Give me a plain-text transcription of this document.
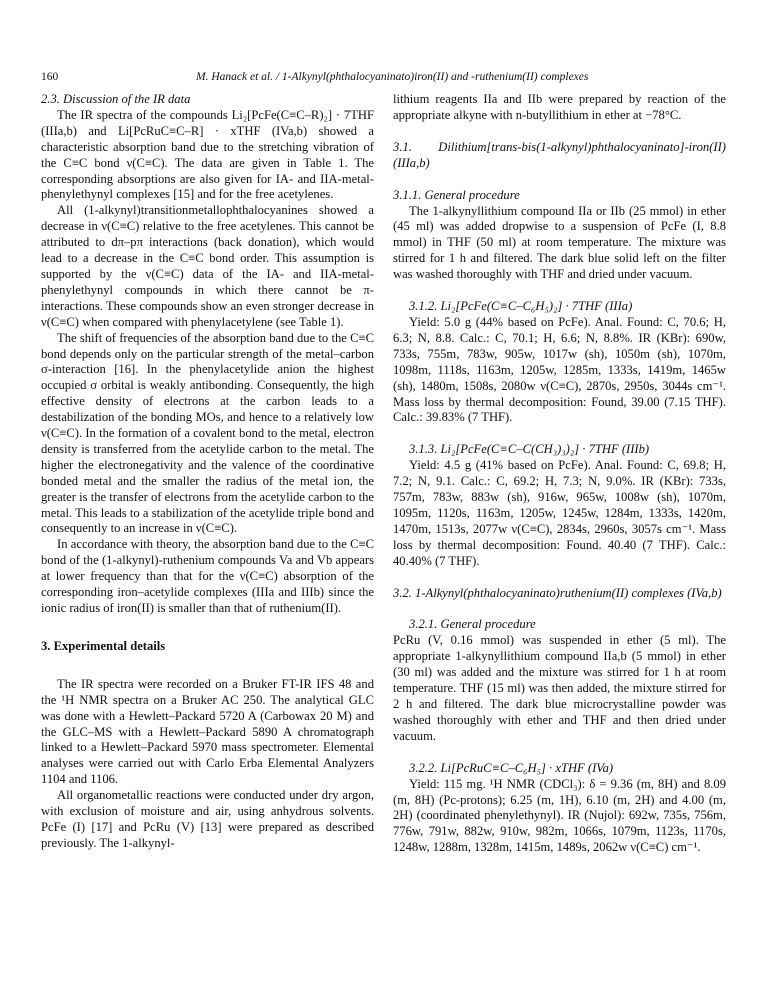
160	M. Hanack et al. / 1-Alkynyl(phthalocyaninato)iron(II) and -ruthenium(II) complexes

2.3. Discussion of the IR data

The IR spectra of the compounds Li₂[PcFe(C≡C–R)₂] · 7THF (IIIa,b) and Li[PcRuC≡C–R] · xTHF (IVa,b) showed a characteristic absorption band due to the stretching vibration of the C≡C bond ν(C≡C). The data are given in Table 1. The corresponding absorptions are also given for IA- and IIA-metal-phenylethynyl complexes [15] and for the free acetylenes.

All (1-alkynyl)transitionmetallophthalocyanines showed a decrease in ν(C≡C) relative to the free acetylenes. This cannot be attributed to dπ–pπ interactions (back donation), which would lead to a decrease in the C≡C bond order. This assumption is supported by the ν(C≡C) data of the IA- and IIA-metal-phenylethynyl compounds in which there cannot be π-interactions. These compounds show an even stronger decrease in ν(C≡C) when compared with phenylacetylene (see Table 1).

The shift of frequencies of the absorption band due to the C≡C bond depends only on the particular strength of the metal–carbon σ-interaction [16]. In the phenylacetylide anion the highest occupied σ orbital is weakly antibonding. Consequently, the high effective density of electrons at the carbon leads to a destabilization of the bonding MOs, and hence to a relatively low ν(C≡C). In the formation of a covalent bond to the metal, electron density is transferred from the acetylide carbon to the metal. The higher the electronegativity and the valence of the coordinative bonded metal and the smaller the radius of the metal ion, the greater is the transfer of electrons from the acetylide carbon to the metal. This leads to a stabilization of the acetylide triple bond and consequently to an increase in ν(C≡C).

In accordance with theory, the absorption band due to the C≡C bond of the (1-alkynyl)-ruthenium compounds Va and Vb appears at lower frequency than that for the ν(C≡C) absorption of the corresponding iron–acetylide complexes (IIIa and IIIb) since the ionic radius of iron(II) is smaller than that of ruthenium(II).

3. Experimental details

The IR spectra were recorded on a Bruker FT-IR IFS 48 and the ¹H NMR spectra on a Bruker AC 250. The analytical GLC was done with a Hewlett–Packard 5720 A (Carbowax 20 M) and the GLC–MS with a Hewlett–Packard 5890 A chromatograph linked to a Hewlett–Packard 5970 mass spectrometer. Elemental analyses were carried out with Carlo Erba Elemental Analyzers 1104 and 1106.

All organometallic reactions were conducted under dry argon, with exclusion of moisture and air, using anhydrous solvents. PcFe (I) [17] and PcRu (V) [13] were prepared as described previously. The 1-alkynyl-

lithium reagents IIa and IIb were prepared by reaction of the appropriate alkyne with n-butyllithium in ether at −78°C.

3.1. Dilithium[trans-bis(1-alkynyl)phthalocyaninato]-iron(II) (IIIa,b)

3.1.1. General procedure

The 1-alkynyllithium compound IIa or IIb (25 mmol) in ether (45 ml) was added dropwise to a suspension of PcFe (I, 8.8 mmol) in THF (50 ml) at room temperature. The mixture was stirred for 1 h and filtered. The dark blue solid left on the filter was washed thoroughly with THF and dried under vacuum.

3.1.2. Li₂[PcFe(C≡C–C₆H₅)₂] · 7THF (IIIa)

Yield: 5.0 g (44% based on PcFe). Anal. Found: C, 70.6; H, 6.3; N, 8.8. Calc.: C, 70.1; H, 6.6; N, 8.8%. IR (KBr): 690w, 733s, 755m, 783w, 905w, 1017w (sh), 1050m (sh), 1070m, 1098m, 1118s, 1163m, 1205w, 1285m, 1333s, 1419m, 1465w (sh), 1480m, 1508s, 2080w ν(C≡C), 2870s, 2950s, 3044s cm⁻¹. Mass loss by thermal decomposition: Found, 39.00 (7.15 THF). Calc.: 39.83% (7 THF).

3.1.3. Li₂[PcFe(C≡C–C(CH₃)₃)₂] · 7THF (IIIb)

Yield: 4.5 g (41% based on PcFe). Anal. Found: C, 69.8; H, 7.2; N, 9.1. Calc.: C, 69.2; H, 7.3; N, 9.0%. IR (KBr): 733s, 757m, 783w, 883w (sh), 916w, 965w, 1008w (sh), 1070m, 1095m, 1120s, 1163m, 1205w, 1245w, 1284m, 1333s, 1420m, 1470m, 1513s, 2077w ν(C≡C), 2834s, 2960s, 3057s cm⁻¹. Mass loss by thermal decomposition: Found. 40.40 (7 THF). Calc.: 40.40% (7 THF).

3.2. 1-Alkynyl(phthalocyaninato)ruthenium(II) complexes (IVa,b)

3.2.1. General procedure

PcRu (V, 0.16 mmol) was suspended in ether (5 ml). The appropriate 1-alkynyllithium compound IIa,b (5 mmol) in ether (30 ml) was added and the mixture was stirred for 1 h at room temperature. THF (15 ml) was then added, the mixture stirred for 2 h and filtered. The dark blue microcrystalline powder was washed thoroughly with ether and THF and then dried under vacuum.

3.2.2. Li[PcRuC≡C–C₆H₅] · xTHF (IVa)

Yield: 115 mg. ¹H NMR (CDCl₃): δ = 9.36 (m, 8H) and 8.09 (m, 8H) (Pc-protons); 6.25 (m, 1H), 6.10 (m, 2H) and 4.00 (m, 2H) (coordinated phenylethynyl). IR (Nujol): 692w, 735s, 756m, 776w, 791w, 882w, 910w, 982m, 1066s, 1079m, 1123s, 1170s, 1248w, 1288m, 1328m, 1415m, 1489s, 2062w ν(C≡C) cm⁻¹.
